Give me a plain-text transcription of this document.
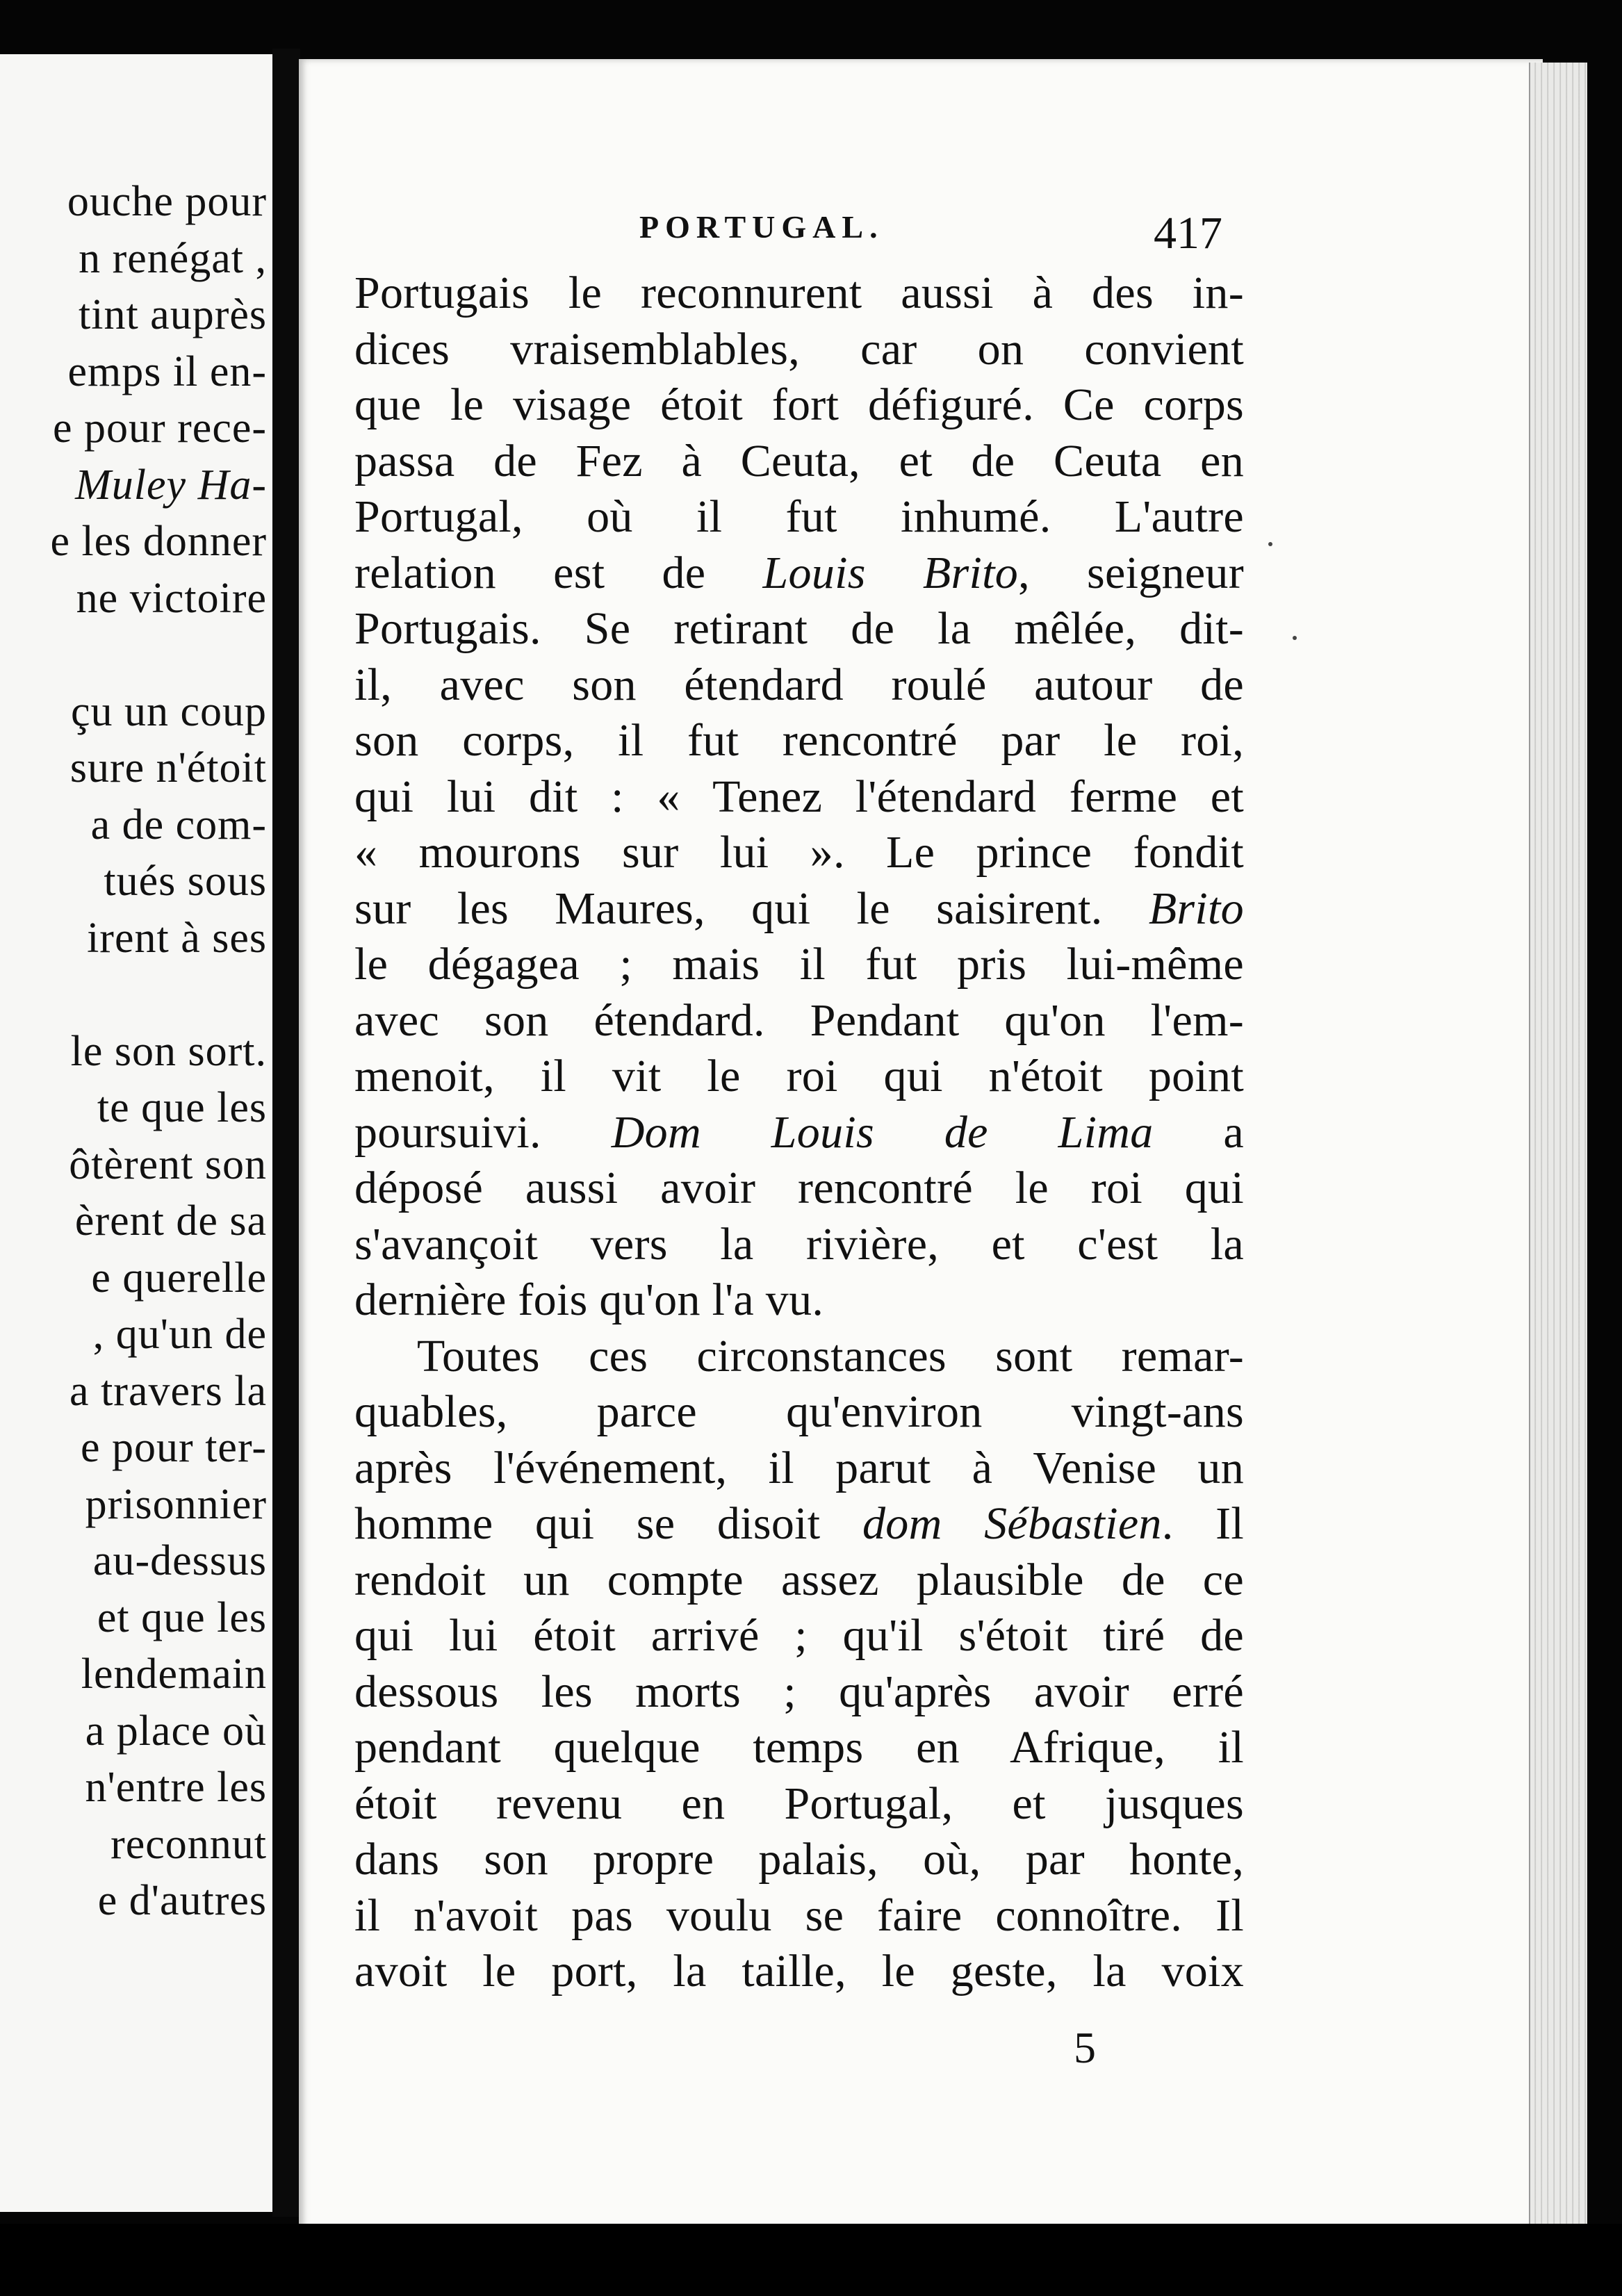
ouche pour
n renégat ,
tint auprès
emps il en-
e pour rece-
Muley Ha-
e les donner
ne victoire
çu un coup
sure n'étoit
a de com-
tués sous
irent à ses
le son sort.
te que les
ôtèrent son
èrent de sa
e querelle
, qu'un de
a travers la
e pour ter-
prisonnier
au-dessus
et que les
lendemain
a place où
n'entre les
reconnut
e d'autres
PORTUGAL.	417
Portugais le reconnurent aussi à des in-
dices vraisemblables, car on convient
que le visage étoit fort défiguré. Ce corps
passa de Fez à Ceuta, et de Ceuta en
Portugal, où il fut inhumé. L'autre
relation est de Louis Brito, seigneur
Portugais. Se retirant de la mêlée, dit-
il, avec son étendard roulé autour de
son corps, il fut rencontré par le roi,
qui lui dit : « Tenez l'étendard ferme et
« mourons sur lui ». Le prince fondit
sur les Maures, qui le saisirent. Brito
le dégagea ; mais il fut pris lui-même
avec son étendard. Pendant qu'on l'em-
menoit, il vit le roi qui n'étoit point
poursuivi. Dom Louis de Lima a
déposé aussi avoir rencontré le roi qui
s'avançoit vers la rivière, et c'est la
dernière fois qu'on l'a vu.
Toutes ces circonstances sont remar-
quables, parce qu'environ vingt-ans
après l'événement, il parut à Venise un
homme qui se disoit dom Sébastien. Il
rendoit un compte assez plausible de ce
qui lui étoit arrivé ; qu'il s'étoit tiré de
dessous les morts ; qu'après avoir erré
pendant quelque temps en Afrique, il
étoit revenu en Portugal, et jusques
dans son propre palais, où, par honte,
il n'avoit pas voulu se faire connoître. Il
avoit le port, la taille, le geste, la voix
5
